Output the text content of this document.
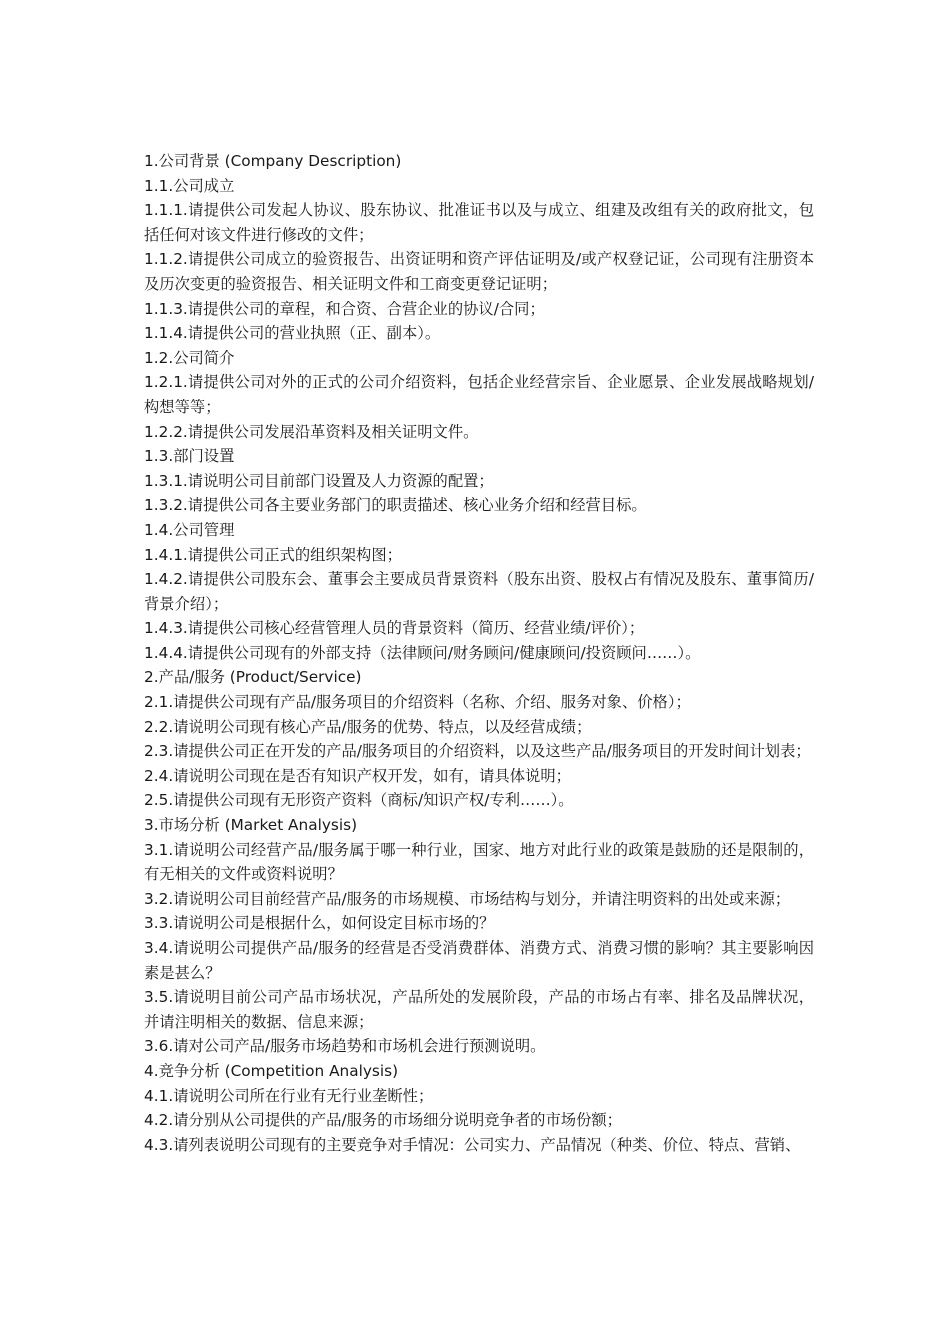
1.公司背景 (Company Description)

1.1.公司成立

1.1.1.请提供公司发起人协议、股东协议、批准证书以及与成立、组建及改组有关的政府批文，包括任何对该文件进行修改的文件；

1.1.2.请提供公司成立的验资报告、出资证明和资产评估证明及/或产权登记证，公司现有注册资本及历次变更的验资报告、相关证明文件和工商变更登记证明；

1.1.3.请提供公司的章程，和合资、合营企业的协议/合同；

1.1.4.请提供公司的营业执照（正、副本）。

1.2.公司简介

1.2.1.请提供公司对外的正式的公司介绍资料，包括企业经营宗旨、企业愿景、企业发展战略规划/构想等等；

1.2.2.请提供公司发展沿革资料及相关证明文件。

1.3.部门设置

1.3.1.请说明公司目前部门设置及人力资源的配置；

1.3.2.请提供公司各主要业务部门的职责描述、核心业务介绍和经营目标。

1.4.公司管理

1.4.1.请提供公司正式的组织架构图；

1.4.2.请提供公司股东会、董事会主要成员背景资料（股东出资、股权占有情况及股东、董事简历/背景介绍）；

1.4.3.请提供公司核心经营管理人员的背景资料（简历、经营业绩/评价）；

1.4.4.请提供公司现有的外部支持（法律顾问/财务顾问/健康顾问/投资顾问……）。

2.产品/服务 (Product/Service)

2.1.请提供公司现有产品/服务项目的介绍资料（名称、介绍、服务对象、价格）；

2.2.请说明公司现有核心产品/服务的优势、特点，以及经营成绩；

2.3.请提供公司正在开发的产品/服务项目的介绍资料，以及这些产品/服务项目的开发时间计划表；

2.4.请说明公司现在是否有知识产权开发，如有，请具体说明；

2.5.请提供公司现有无形资产资料（商标/知识产权/专利……）。

3.市场分析 (Market Analysis)

3.1.请说明公司经营产品/服务属于哪一种行业，国家、地方对此行业的政策是鼓励的还是限制的，有无相关的文件或资料说明？

3.2.请说明公司目前经营产品/服务的市场规模、市场结构与划分，并请注明资料的出处或来源；

3.3.请说明公司是根据什么，如何设定目标市场的？

3.4.请说明公司提供产品/服务的经营是否受消费群体、消费方式、消费习惯的影响？其主要影响因素是甚么？

3.5.请说明目前公司产品市场状况，产品所处的发展阶段，产品的市场占有率、排名及品牌状况，并请注明相关的数据、信息来源；

3.6.请对公司产品/服务市场趋势和市场机会进行预测说明。

4.竞争分析 (Competition Analysis)

4.1.请说明公司所在行业有无行业垄断性；

4.2.请分别从公司提供的产品/服务的市场细分说明竞争者的市场份额；

4.3.请列表说明公司现有的主要竞争对手情况：公司实力、产品情况（种类、价位、特点、营销、
